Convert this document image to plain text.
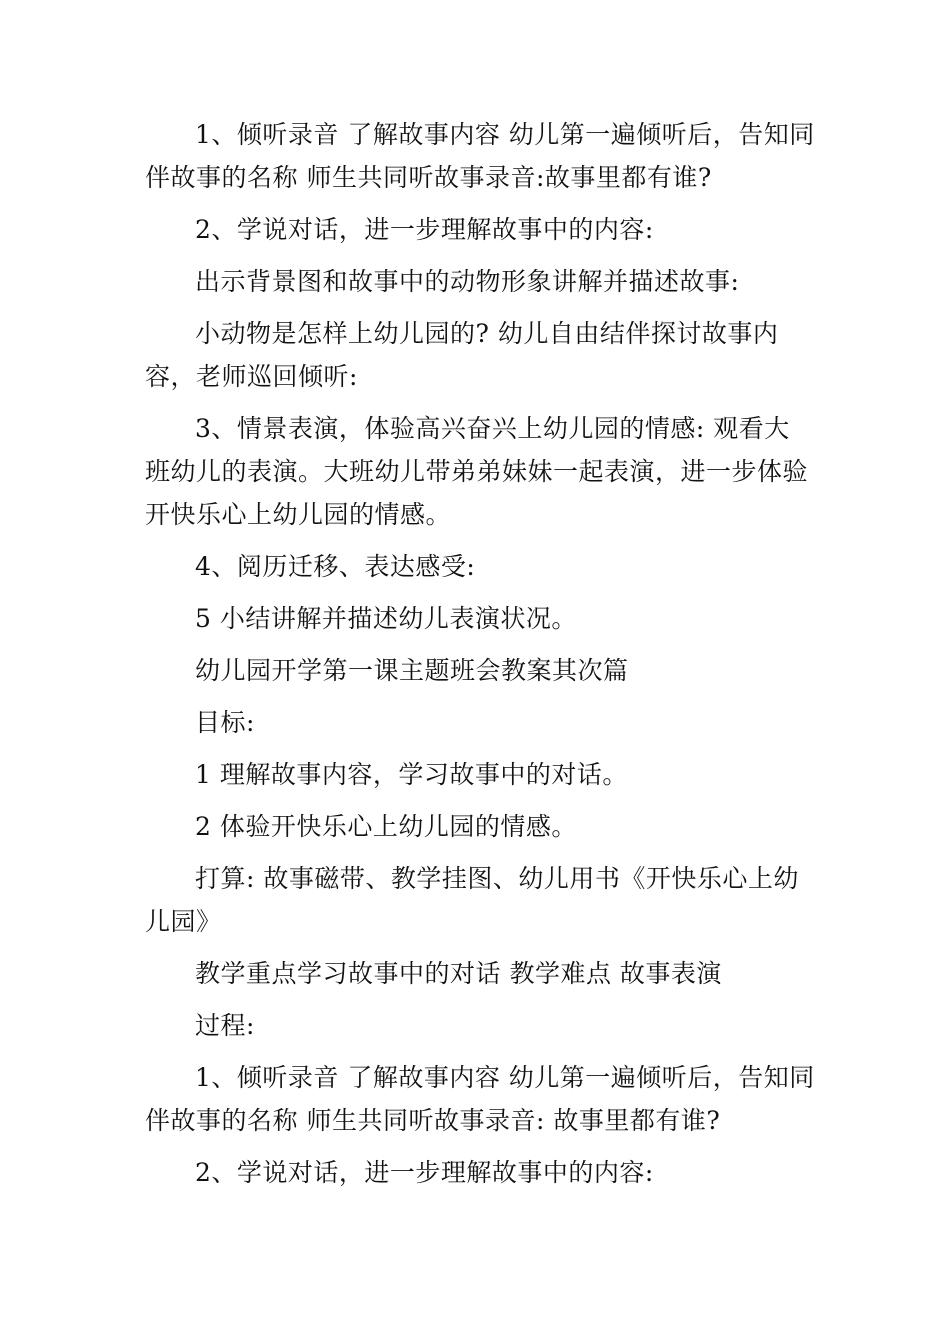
1、倾听录音 了解故事内容 幼儿第一遍倾听后，告知同伴故事的名称 师生共同听故事录音:故事里都有谁?

2、学说对话，进一步理解故事中的内容:

出示背景图和故事中的动物形象讲解并描述故事:

小动物是怎样上幼儿园的? 幼儿自由结伴探讨故事内容，老师巡回倾听:

3、情景表演，体验高兴奋兴上幼儿园的情感: 观看大班幼儿的表演。大班幼儿带弟弟妹妹一起表演，进一步体验开快乐心上幼儿园的情感。

4、阅历迁移、表达感受:

5 小结讲解并描述幼儿表演状况。

幼儿园开学第一课主题班会教案其次篇

目标:

1 理解故事内容，学习故事中的对话。

2 体验开快乐心上幼儿园的情感。

打算: 故事磁带、教学挂图、幼儿用书《开快乐心上幼儿园》

教学重点学习故事中的对话 教学难点 故事表演

过程:

1、倾听录音 了解故事内容 幼儿第一遍倾听后，告知同伴故事的名称 师生共同听故事录音: 故事里都有谁?

2、学说对话，进一步理解故事中的内容:
